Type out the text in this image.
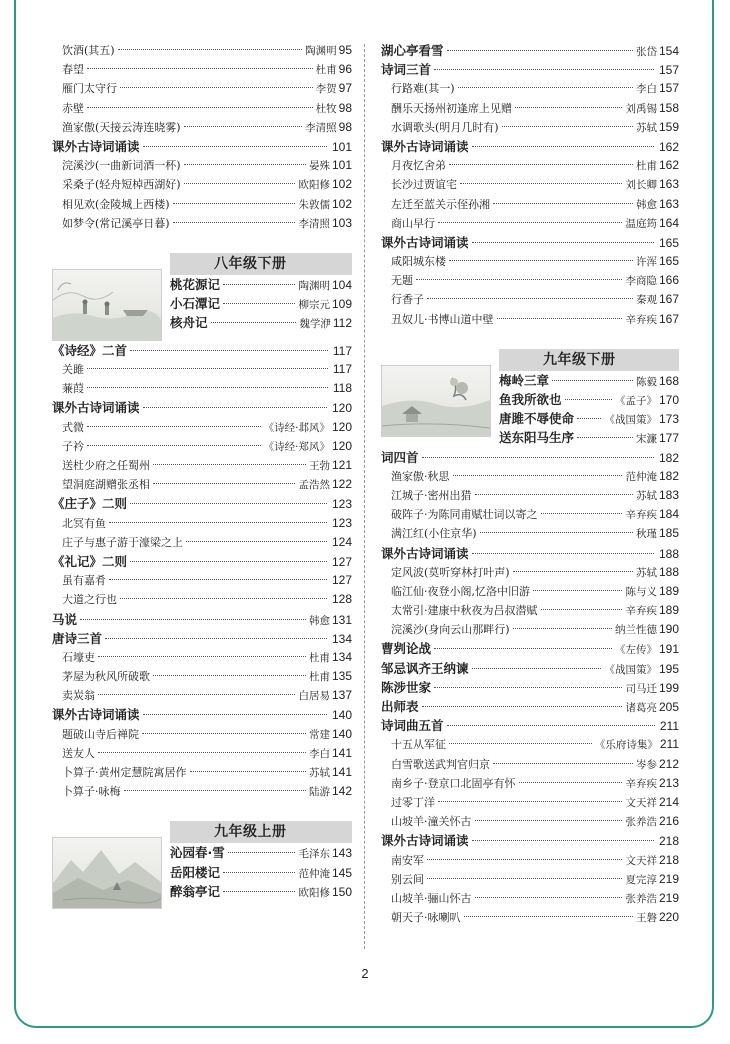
饮酒(其五)	陶渊明 95
春望	杜甫 96
雁门太守行	李贺 97
赤壁	杜牧 98
渔家傲(天接云涛连晓雾)	李清照 98
课外古诗词诵读	101
浣溪沙(一曲新词酒一杯)	晏殊 101
采桑子(轻舟短棹西湖好)	欧阳修 102
相见欢(金陵城上西楼)	朱敦儒 102
如梦令(常记溪亭日暮)	李清照 103
八年级下册
桃花源记	陶渊明 104
小石潭记	柳宗元 109
核舟记	魏学洢 112
《诗经》二首	117
关雎	117
蒹葭	118
课外古诗词诵读	120
式微	《诗经·邶风》 120
子衿	《诗经·郑风》 120
送杜少府之任蜀州	王勃 121
望洞庭湖赠张丞相	孟浩然 122
《庄子》二则	123
北冥有鱼	123
庄子与惠子游于濠梁之上	124
《礼记》二则	127
虽有嘉肴	127
大道之行也	128
马说	韩愈 131
唐诗三首	134
石壕吏	杜甫 134
茅屋为秋风所破歌	杜甫 135
卖炭翁	白居易 137
课外古诗词诵读	140
题破山寺后禅院	常建 140
送友人	李白 141
卜算子·黄州定慧院寓居作	苏轼 141
卜算子·咏梅	陆游 142
九年级上册
沁园春·雪	毛泽东 143
岳阳楼记	范仲淹 145
醉翁亭记	欧阳修 150
湖心亭看雪	张岱 154
诗词三首	157
行路难(其一)	李白 157
酬乐天扬州初逢席上见赠	刘禹锡 158
水调歌头(明月几时有)	苏轼 159
课外古诗词诵读	162
月夜忆舍弟	杜甫 162
长沙过贾谊宅	刘长卿 163
左迁至蓝关示侄孙湘	韩愈 163
商山早行	温庭筠 164
课外古诗词诵读	165
咸阳城东楼	许浑 165
无题	李商隐 166
行香子	秦观 167
丑奴儿·书博山道中壁	辛弃疾 167
九年级下册
梅岭三章	陈毅 168
鱼我所欲也	《孟子》 170
唐雎不辱使命	《战国策》 173
送东阳马生序	宋濂 177
词四首	182
渔家傲·秋思	范仲淹 182
江城子·密州出猎	苏轼 183
破阵子·为陈同甫赋壮词以寄之	辛弃疾 184
满江红(小住京华)	秋瑾 185
课外古诗词诵读	188
定风波(莫听穿林打叶声)	苏轼 188
临江仙·夜登小阁,忆洛中旧游	陈与义 189
太常引·建康中秋夜为吕叔潜赋	辛弃疾 189
浣溪沙(身向云山那畔行)	纳兰性德 190
曹刿论战	《左传》 191
邹忌讽齐王纳谏	《战国策》 195
陈涉世家	司马迁 199
出师表	诸葛亮 205
诗词曲五首	211
十五从军征	《乐府诗集》 211
白雪歌送武判官归京	岑参 212
南乡子·登京口北固亭有怀	辛弃疾 213
过零丁洋	文天祥 214
山坡羊·潼关怀古	张养浩 216
课外古诗词诵读	218
南安军	文天祥 218
别云间	夏完淳 219
山坡羊·骊山怀古	张养浩 219
朝天子·咏喇叭	王磐 220
2
